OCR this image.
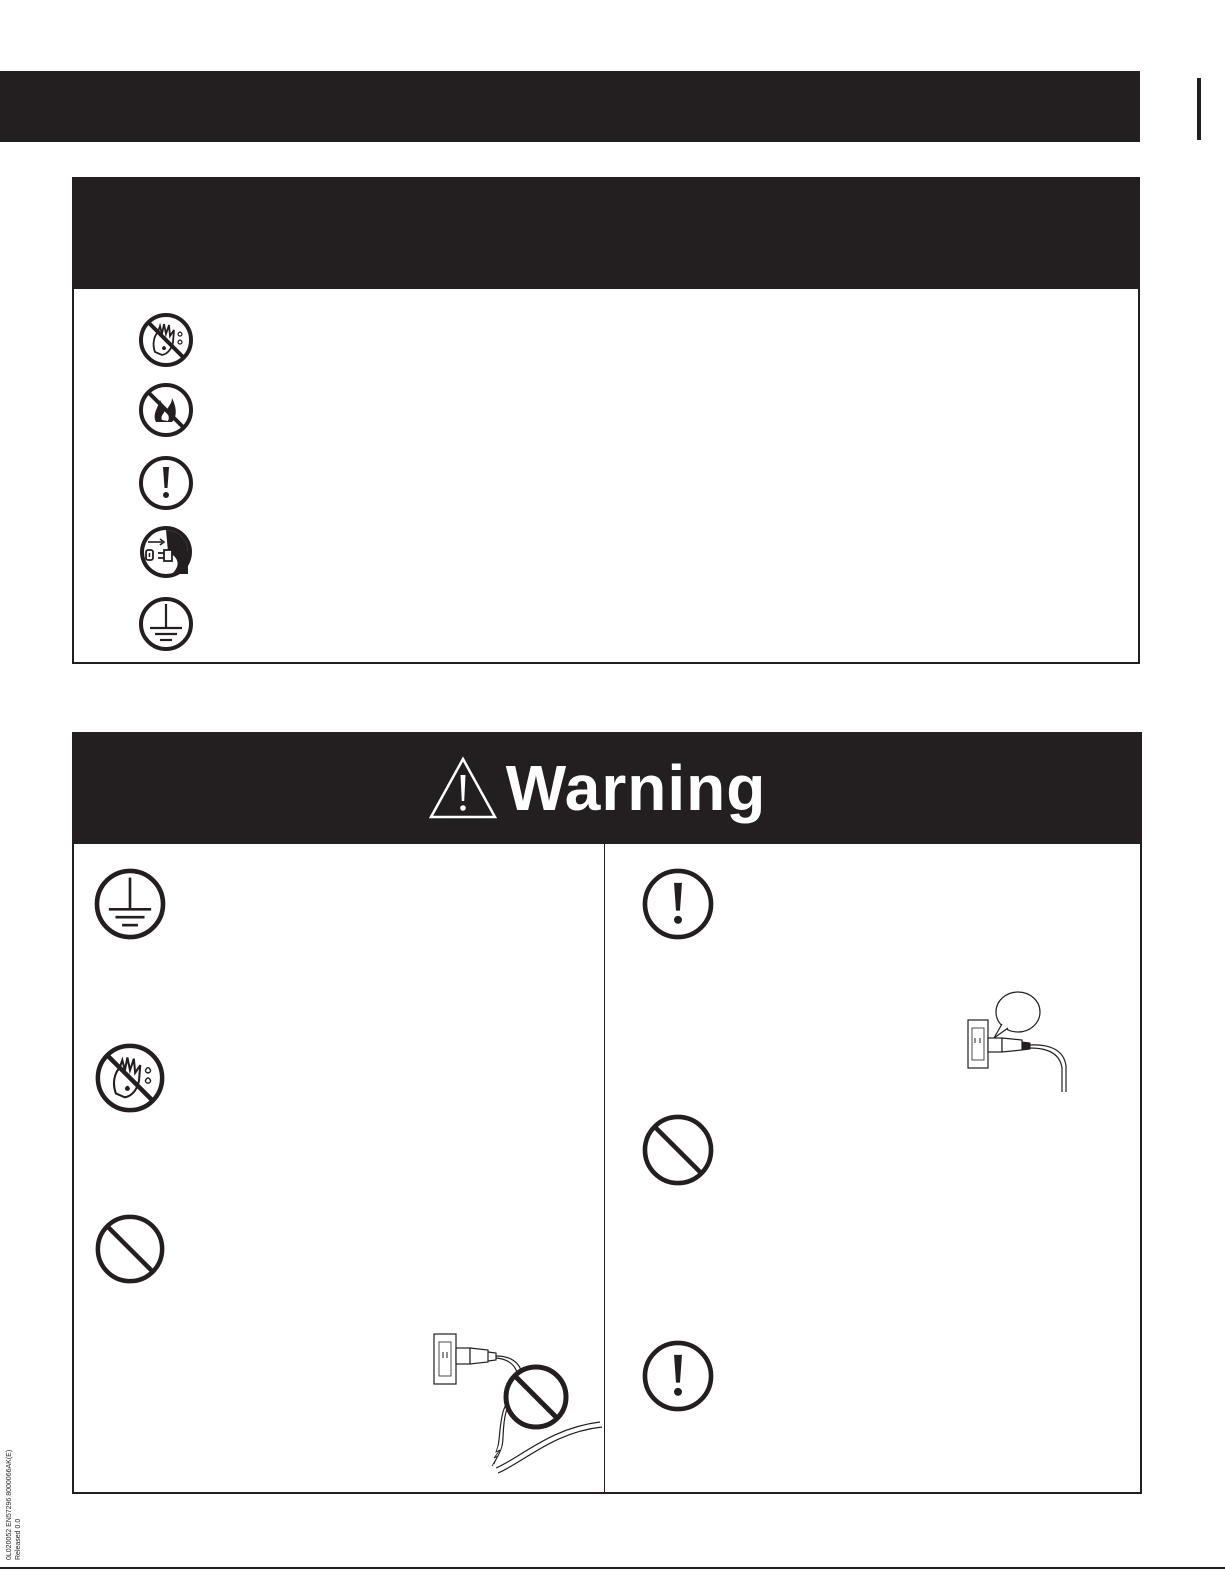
Warning
0L020052 EN57296 8000066AK(E) Released 0.0
